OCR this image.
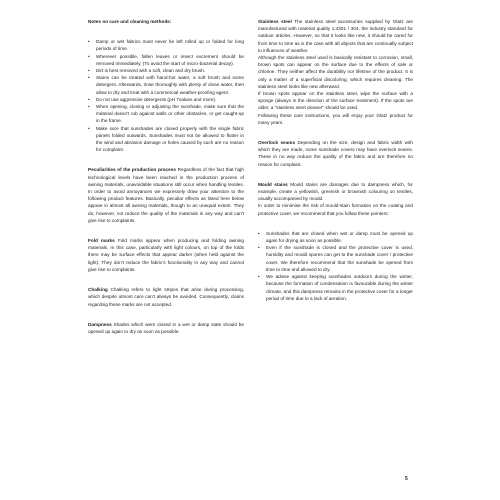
Notes on care and cleaning methods:
• Damp or wet fabrics must never be left rolled up or folded for long periods of time.
• Wherever possible, fallen leaves or insect excrement should be removed immediately. (To avoid the start of micro-bacterial decay).
• Dirt is best removed with a soft, clean and dry brush.
• Stains can be treated with hand-hot water, a soft brush and some detergent. Afterwards, rinse thoroughly with plenty of clean water, then allow to dry and treat with a commercial weather-proofing agent.
• Do not use aggressive detergents (pH 7values and more).
• When opening, closing or adjusting the sunshade, make sure that the material doesn't rub against walls or other obstacles, or get caught-up in the frame.
• Make sure that sunshades are closed properly with the single fabric panels folded outwards. Sunshades must not be allowed to flutter in the wind and abrasion damage or holes caused by such are no reason for complaint.

Peculiarities of the production process Regardless of the fact that high technological levels have been reached in the production process of awning materials, unavoidable situations still occur when handling textiles. In order to avoid annoyances we expressely draw your attention to the following product features. Basically, peculiar effects as listed here below appear in almost all awning materials, though to an unequal extent. They do, however, not reduce the quality of the materials in any way and can't give rise to complaints.

Fold marks Fold marks appear when producing and folding awning materials. In this case, particularly with light colours, on top of the folds there may be surface effects that appear darker (when held against the light). They don't reduce the fabric's functionality in any way and cannot give rise to complaints.

Chalking Chalking refers to light stripes that arise during processing, which despite utmost care can't always be avoided. Consequently, claims regarding these marks are not accepted.

Dampness Shades which were closed in a wet or damp state should be opened up again to dry as soon as possible.

Stainless steel The stainless steel accessories supplied by Glatz are manufactured with material quality 1.4301 / 304, the industry standard for outdoor articles. However, so that it looks like new, it should be cared for from time to time as is the case with all objects that are continually subject to influences of weather.

Although the stainless steel used is basically resistant to corrosion, small, brown spots can appear on the surface due to the effects of sale or chlorine. They neither affect the durability nor lifetime of the product. It is only a matter of a superficial discoloring, which requires cleaning. The stainless steel looks like new afterward.

If brown spots appear on the stainless steel, wipe the surface with a sponge (always in the direction of the surface treatment). If the spots are older, a “stainless steel cleaner” should be used.

Following these care instructions, you will enjoy your Glatz product for many years.

Overlock seams Depending on the size, design and fabric width with which they are made, some sunshade covers may have overlock seams. These in no way reduce the quality of the fabric and are therefore no reason for complaint.

Mould stains Mould stains are damages due to dampness which, for example, create a yellowish, greenish or brownish colouring on textiles, usually accompanied by mould.

In order to minimise the risk of mould-stain formation on the coating and protective cover, we recommend that you follow these pointers:

• Sunshades that are closed when wet or damp must be opened up again for drying as soon as possible.
• Even if the sunshade is closed and the protective cover is used, humidity and mould spores can get to the sunshade cover / protective cover. We therefore recommend that the sunshade be opened from time to time and allowed to dry.
• We advise against keeping sunshades outdoors during the winter, because the formation of condensation is favourable during the winter climate, and this dampness remains in the protective cover for a longer period of time due to a lack of aeration.
5
